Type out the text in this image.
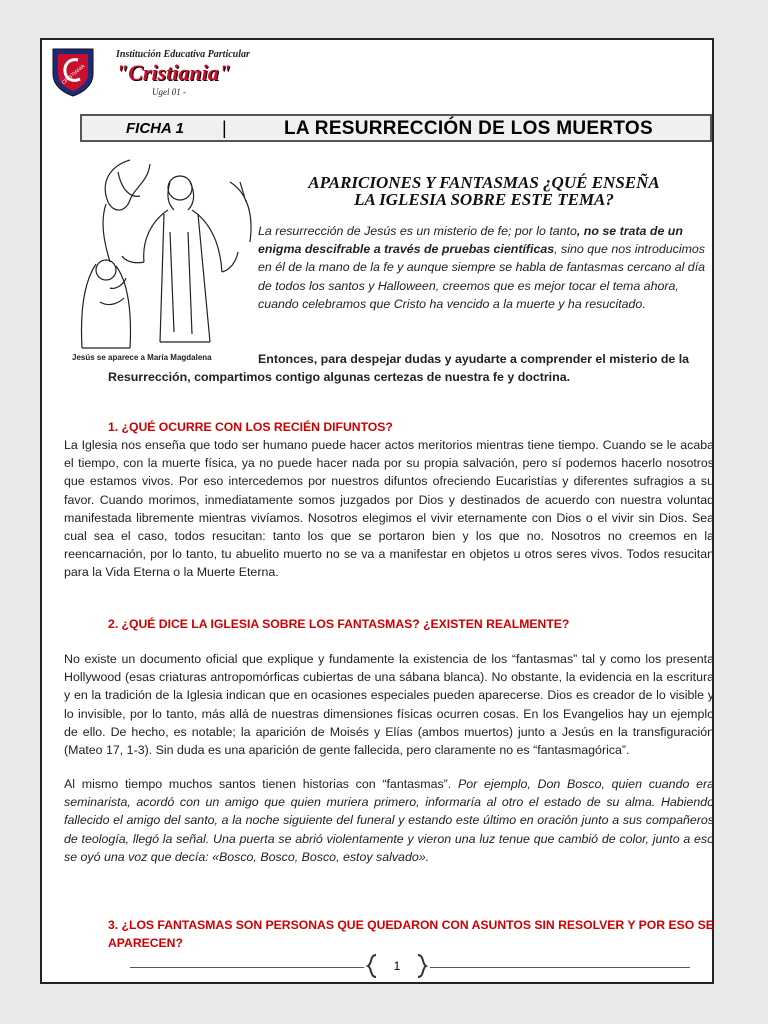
CRISTIANIA
Institución Educativa Particular
"Cristiania"
Ugel 01 -
FICHA 1 |	LA RESURRECCIÓN DE LOS MUERTOS
Jesús se aparece a María Magdalena
APARICIONES Y FANTASMAS ¿QUÉ ENSEÑA
LA IGLESIA SOBRE ESTE TEMA?
La resurrección de Jesús es un misterio de fe; por lo tanto, no se trata de un enigma descifrable a través de pruebas científicas, sino que nos introducimos en él de la mano de la fe y aunque siempre se habla de fantasmas cercano al día de todos los santos y Halloween, creemos que es mejor tocar el tema ahora, cuando celebramos que Cristo ha vencido a la muerte y ha resucitado.
Entonces, para despejar dudas y ayudarte a comprender el misterio de la Resurrección, compartimos contigo algunas certezas de nuestra fe y doctrina.
1. ¿QUÉ OCURRE CON LOS RECIÉN DIFUNTOS?
La Iglesia nos enseña que todo ser humano puede hacer actos meritorios mientras tiene tiempo. Cuando se le acaba el tiempo, con la muerte física, ya no puede hacer nada por su propia salvación, pero sí podemos hacerlo nosotros que estamos vivos. Por eso intercedemos por nuestros difuntos ofreciendo Eucaristías y diferentes sufragios a su favor. Cuando morimos, inmediatamente somos juzgados por Dios y destinados de acuerdo con nuestra voluntad manifestada libremente mientras vivíamos. Nosotros elegimos el vivir eternamente con Dios o el vivir sin Dios. Sea cual sea el caso, todos resucitan: tanto los que se portaron bien y los que no. Nosotros no creemos en la reencarnación, por lo tanto, tu abuelito muerto no se va a manifestar en objetos u otros seres vivos. Todos resucitan para la Vida Eterna o la Muerte Eterna.
2. ¿QUÉ DICE LA IGLESIA SOBRE LOS FANTASMAS? ¿EXISTEN REALMENTE?
No existe un documento oficial que explique y fundamente la existencia de los “fantasmas” tal y como los presenta Hollywood (esas criaturas antropomórficas cubiertas de una sábana blanca). No obstante, la evidencia en la escritura y en la tradición de la Iglesia indican que en ocasiones especiales pueden aparecerse. Dios es creador de lo visible y lo invisible, por lo tanto, más allá de nuestras dimensiones físicas ocurren cosas. En los Evangelios hay un ejemplo de ello. De hecho, es notable; la aparición de Moisés y Elías (ambos muertos) junto a Jesús en la transfiguración (Mateo 17, 1-3). Sin duda es una aparición de gente fallecida, pero claramente no es “fantasmagórica”.
Al mismo tiempo muchos santos tienen historias con “fantasmas”. Por ejemplo, Don Bosco, quien cuando era seminarista, acordó con un amigo que quien muriera primero, informaría al otro el estado de su alma. Habiendo fallecido el amigo del santo, a la noche siguiente del funeral y estando este último en oración junto a sus compañeros de teología, llegó la señal. Una puerta se abrió violentamente y vieron una luz tenue que cambió de color, junto a eso se oyó una voz que decía: «Bosco, Bosco, Bosco, estoy salvado».
3. ¿LOS FANTASMAS SON PERSONAS QUE QUEDARON CON ASUNTOS SIN RESOLVER Y POR ESO SE APARECEN?
1
